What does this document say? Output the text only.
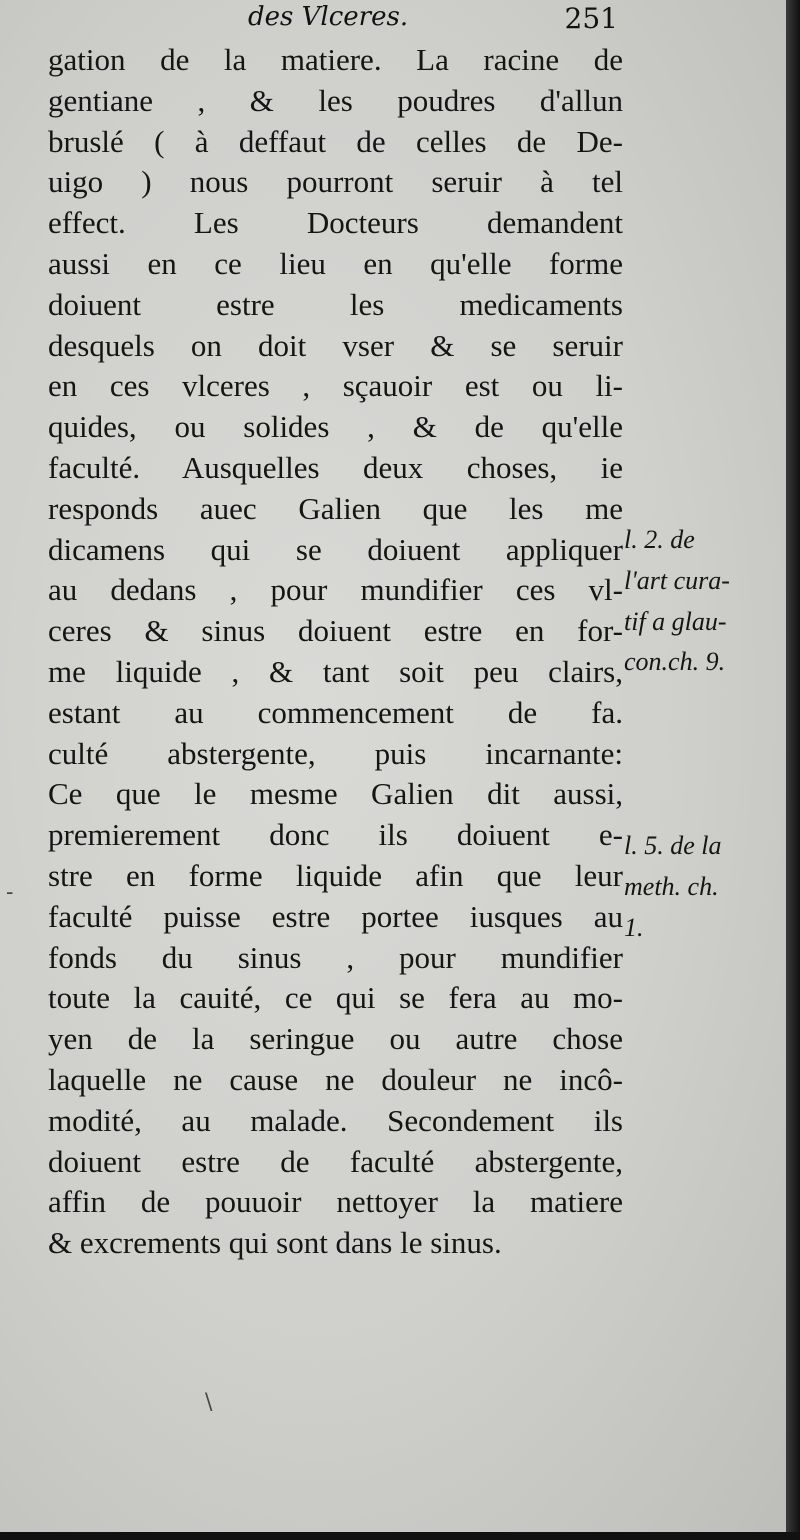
des Vlceres.	251
gation de la matiere. La racine de
gentiane , & les poudres d'allun
bruslé ( à deffaut de celles de De-
uigo ) nous pourront seruir à tel
effect. Les Docteurs demandent
aussi en ce lieu en qu'elle forme
doiuent estre les medicaments
desquels on doit vser & se seruir
en ces vlceres , sçauoir est ou li-
quides, ou solides , & de qu'elle
faculté. Ausquelles deux choses, ie
responds auec Galien que les me
dicamens qui se doiuent appliquer
au dedans , pour mundifier ces vl-
ceres & sinus doiuent estre en for-
me liquide , & tant soit peu clairs,
estant au commencement de fa.
culté abstergente, puis incarnante:
Ce que le mesme Galien dit aussi,
premierement donc ils doiuent e-
stre en forme liquide afin que leur
faculté puisse estre portee iusques au
fonds du sinus , pour mundifier
toute la cauité, ce qui se fera au mo-
yen de la seringue ou autre chose
laquelle ne cause ne douleur ne incô-
modité, au malade. Secondement ils
doiuent estre de faculté abstergente,
affin de pouuoir nettoyer la matiere
& excrements qui sont dans le sinus.
l. 2. de
l'art cura-
tif a glau-
con.ch. 9.
l. 5. de la
meth. ch.
1.
\
-
